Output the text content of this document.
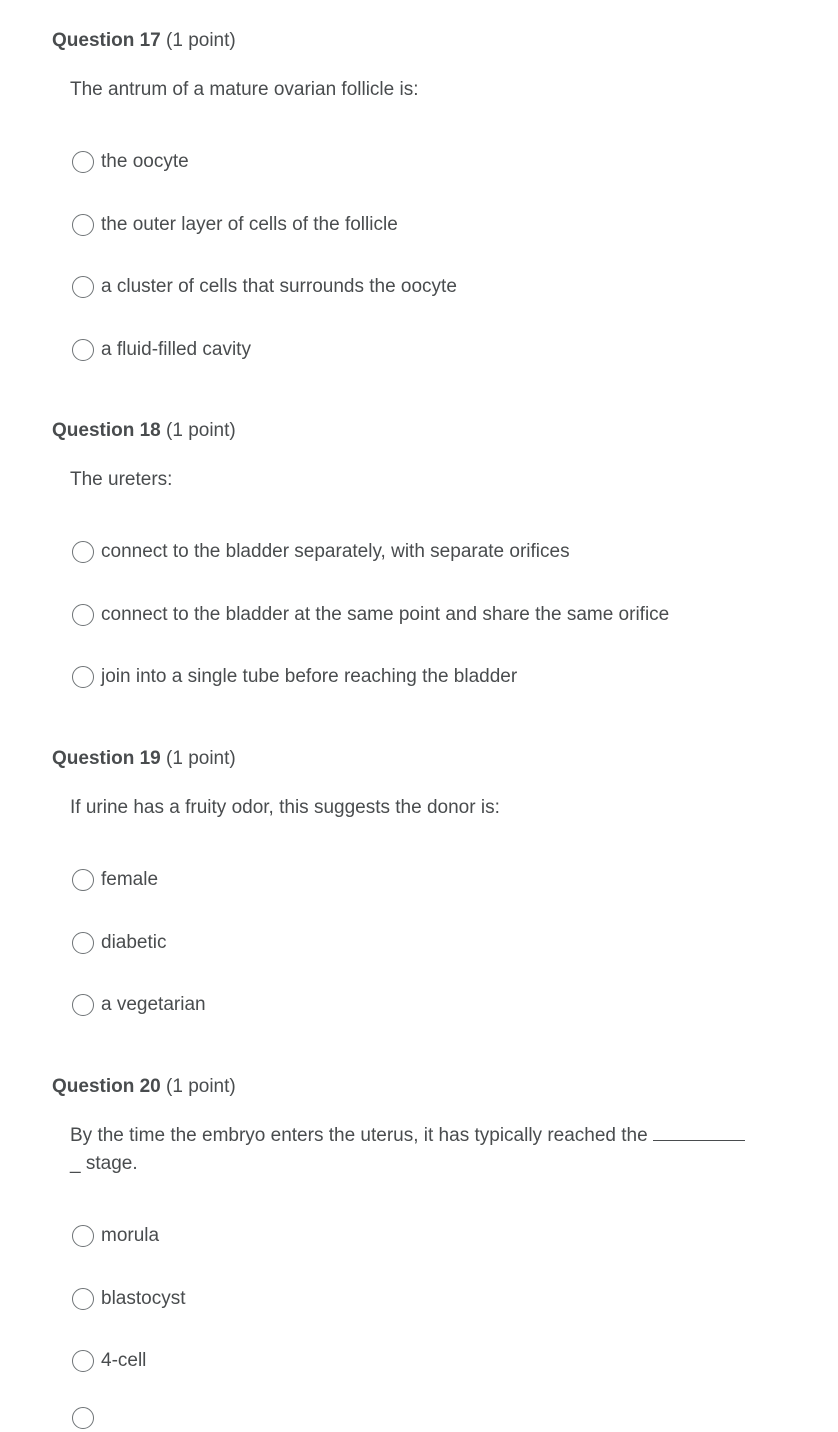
Question 17 (1 point)
The antrum of a mature ovarian follicle is:
the oocyte
the outer layer of cells of the follicle
a cluster of cells that surrounds the oocyte
a fluid-filled cavity
Question 18 (1 point)
The ureters:
connect to the bladder separately, with separate orifices
connect to the bladder at the same point and share the same orifice
join into a single tube before reaching the bladder
Question 19 (1 point)
If urine has a fruity odor, this suggests the donor is:
female
diabetic
a vegetarian
Question 20 (1 point)
By the time the embryo enters the uterus, it has typically reached the
_ stage.
morula
blastocyst
4-cell
